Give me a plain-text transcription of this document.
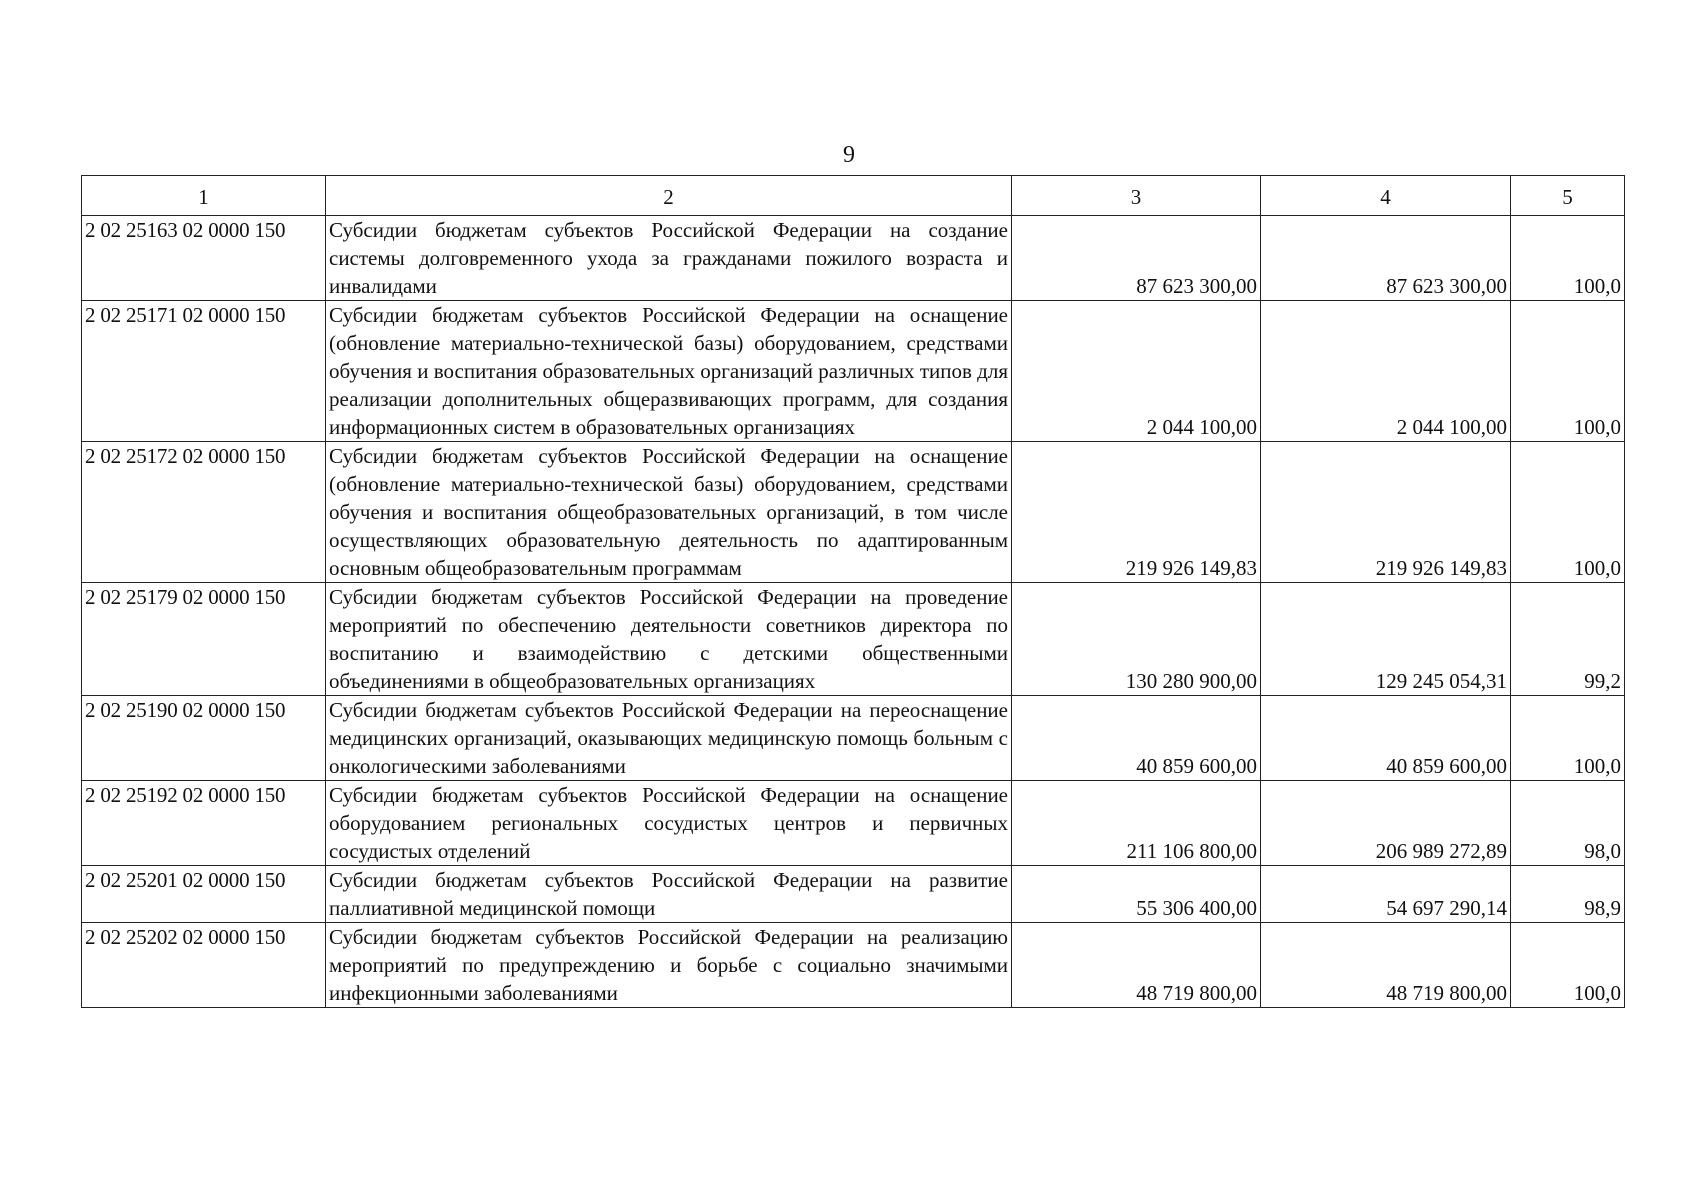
9
1	2	3	4	5
2 02 25163 02 0000 150	Субсидии бюджетам субъектов Российской Федерации на создание системы долговременного ухода за гражданами пожилого возраста и инвалидами	87 623 300,00	87 623 300,00	100,0
2 02 25171 02 0000 150	Субсидии бюджетам субъектов Российской Федерации на оснащение (обновление материально-технической базы) оборудованием, средствами обучения и воспитания образовательных организаций различных типов для реализации дополнительных общеразвивающих программ, для создания информационных систем в образовательных организациях	2 044 100,00	2 044 100,00	100,0
2 02 25172 02 0000 150	Субсидии бюджетам субъектов Российской Федерации на оснащение (обновление материально-технической базы) оборудованием, средствами обучения и воспитания общеобразовательных организаций, в том числе осуществляющих образовательную деятельность по адаптированным основным общеобразовательным программам	219 926 149,83	219 926 149,83	100,0
2 02 25179 02 0000 150	Субсидии бюджетам субъектов Российской Федерации на проведение мероприятий по обеспечению деятельности советников директора по воспитанию и взаимодействию с детскими общественными объединениями в общеобразовательных организациях	130 280 900,00	129 245 054,31	99,2
2 02 25190 02 0000 150	Субсидии бюджетам субъектов Российской Федерации на переоснащение медицинских организаций, оказывающих медицинскую помощь больным с онкологическими заболеваниями	40 859 600,00	40 859 600,00	100,0
2 02 25192 02 0000 150	Субсидии бюджетам субъектов Российской Федерации на оснащение оборудованием региональных сосудистых центров и первичных сосудистых отделений	211 106 800,00	206 989 272,89	98,0
2 02 25201 02 0000 150	Субсидии бюджетам субъектов Российской Федерации на развитие паллиативной медицинской помощи	55 306 400,00	54 697 290,14	98,9
2 02 25202 02 0000 150	Субсидии бюджетам субъектов Российской Федерации на реализацию мероприятий по предупреждению и борьбе с социально значимыми инфекционными заболеваниями	48 719 800,00	48 719 800,00	100,0
